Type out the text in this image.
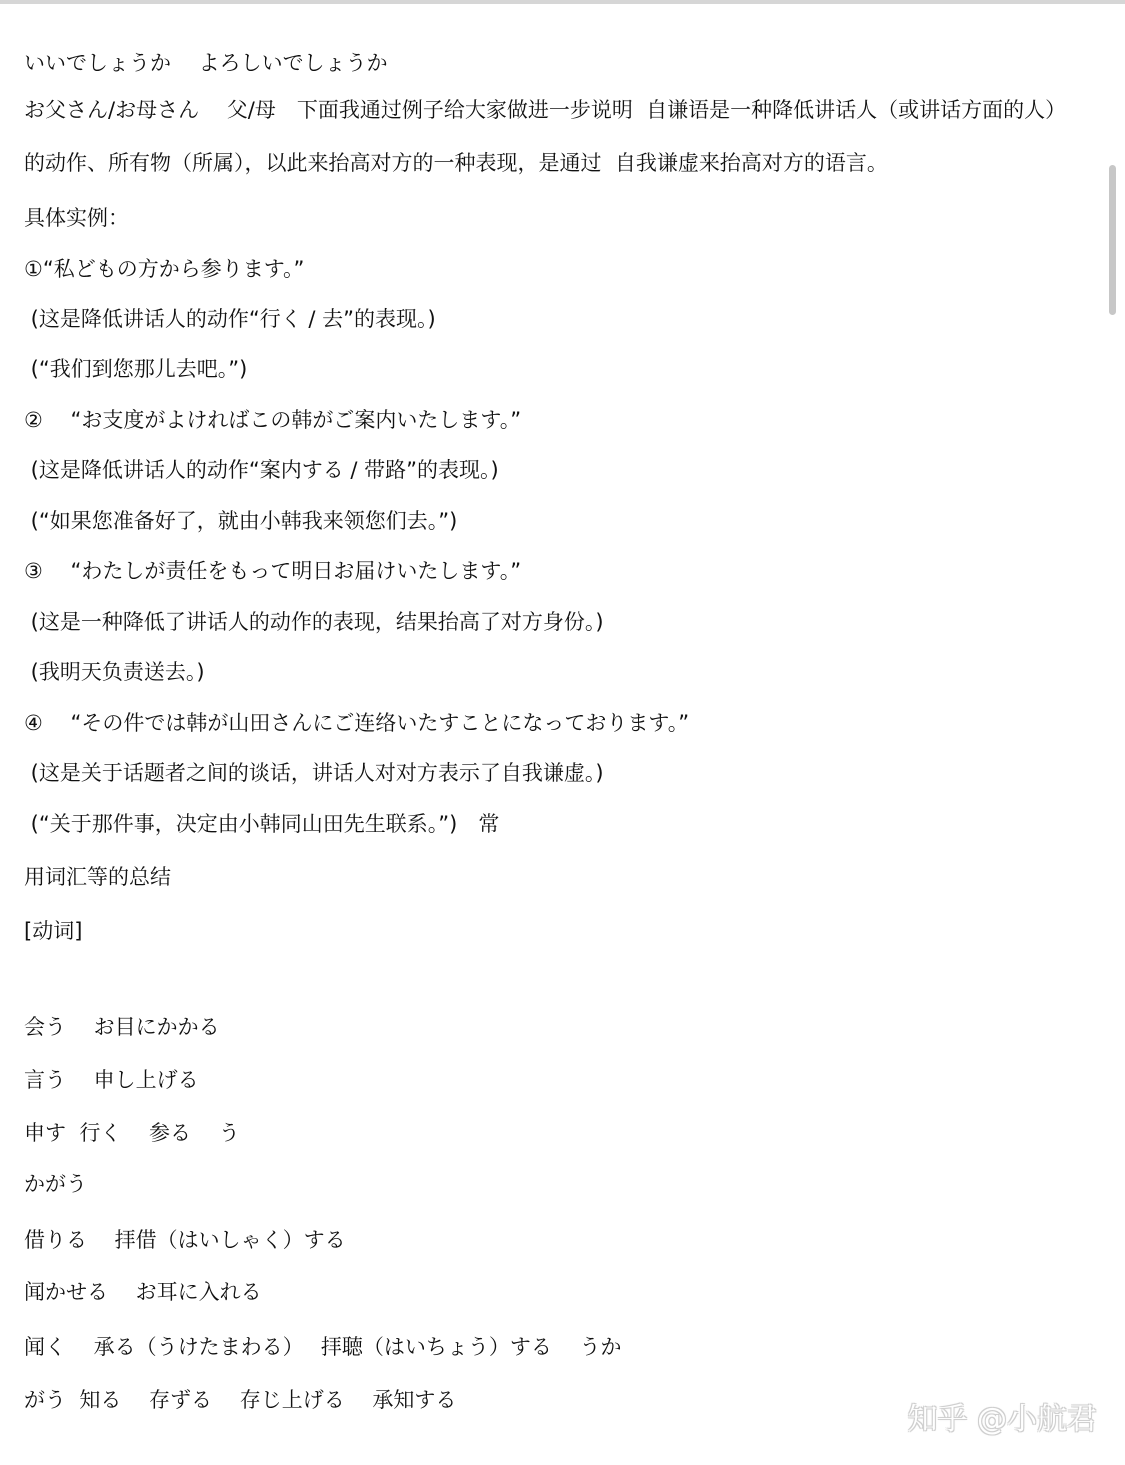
いいでしょうか　 よろしいでしょうか
お父さん/お母さん　 父/母　下面我通过例子给大家做进一步说明  自谦语是一种降低讲话人（或讲话方面的人）
的动作、所有物（所属），以此来抬高对方的一种表现，是通过  自我谦虚来抬高对方的语言。
具体实例：
①“私どもの方から参ります。”
(这是降低讲话人的动作“行く / 去”的表现。)
(“我们到您那儿去吧。”)
②　 “お支度がよければこの韩がご案内いたします。”
(这是降低讲话人的动作“案内する / 带路”的表现。)
(“如果您准备好了，就由小韩我来领您们去。”)
③　 “わたしが责任をもって明日お届けいたします。”
(这是一种降低了讲话人的动作的表现，结果抬高了对方身份。)
(我明天负责送去。)
④　 “その件では韩が山田さんにご连络いたすことになっております。”
(这是关于话题者之间的谈话，讲话人对对方表示了自我谦虚。)
(“关于那件事，决定由小韩同山田先生联系。”)　常
用词汇等的总结
[动词]
会う　 お目にかかる
言う　 申し上げる
申す  行く　 参る　 う
かがう
借りる　 拝借（はいしゃく）する
闻かせる　 お耳に入れる
闻く　 承る（うけたまわる）　 拝聴（はいちょう）する　 うか
がう  知る　 存ずる　 存じ上げる　 承知する
知乎 @小航君
